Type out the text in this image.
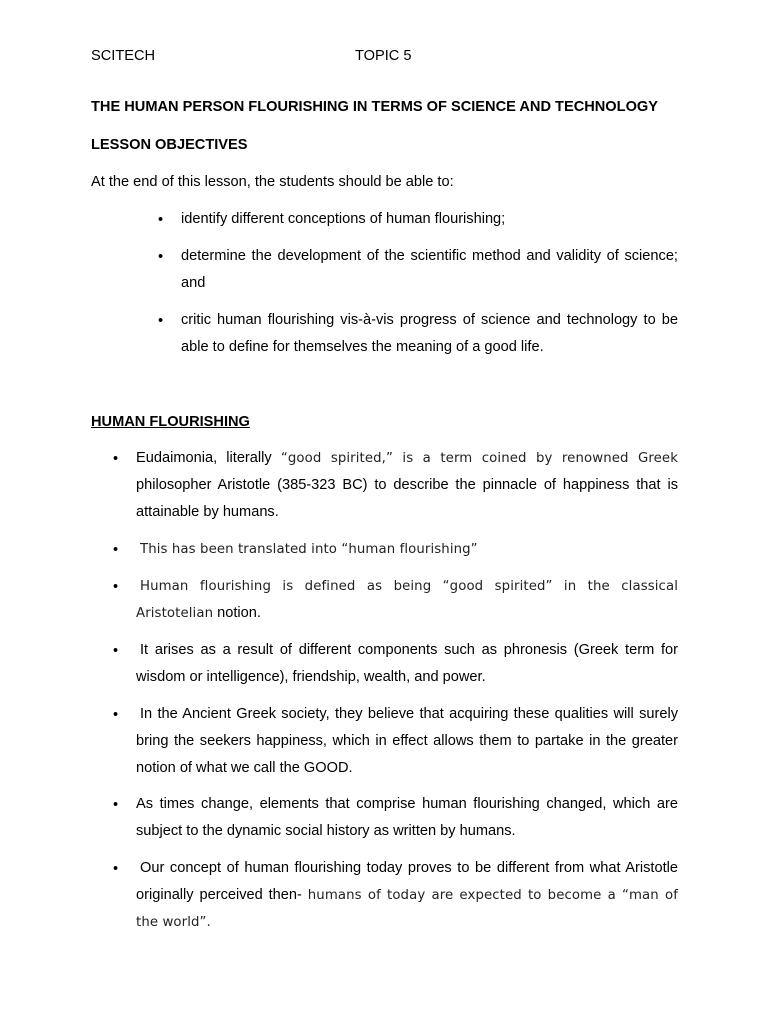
SCITECH	TOPIC 5
THE HUMAN PERSON FLOURISHING IN TERMS OF SCIENCE AND TECHNOLOGY
LESSON OBJECTIVES
At the end of this lesson, the students should be able to:
• identify different conceptions of human flourishing;
• determine the development of the scientific method and validity of science; and
• critic human flourishing vis-à-vis progress of science and technology to be able to define for themselves the meaning of a good life.
HUMAN FLOURISHING
• Eudaimonia, literally “good spirited,” is a term coined by renowned Greek philosopher Aristotle (385-323 BC) to describe the pinnacle of happiness that is attainable by humans.
• This has been translated into “human flourishing”
•	Human flourishing is defined as being “good spirited” in the classical Aristotelian notion.
• It arises as a result of different components such as phronesis (Greek term for wisdom or intelligence), friendship, wealth, and power.
• In the Ancient Greek society, they believe that acquiring these qualities will surely bring the seekers happiness, which in effect allows them to partake in the greater notion of what we call the GOOD.
• As times change, elements that comprise human flourishing changed, which are subject to the dynamic social history as written by humans.
• Our concept of human flourishing today proves to be different from what Aristotle originally perceived then- humans of today are expected to become a “man of the world”.
